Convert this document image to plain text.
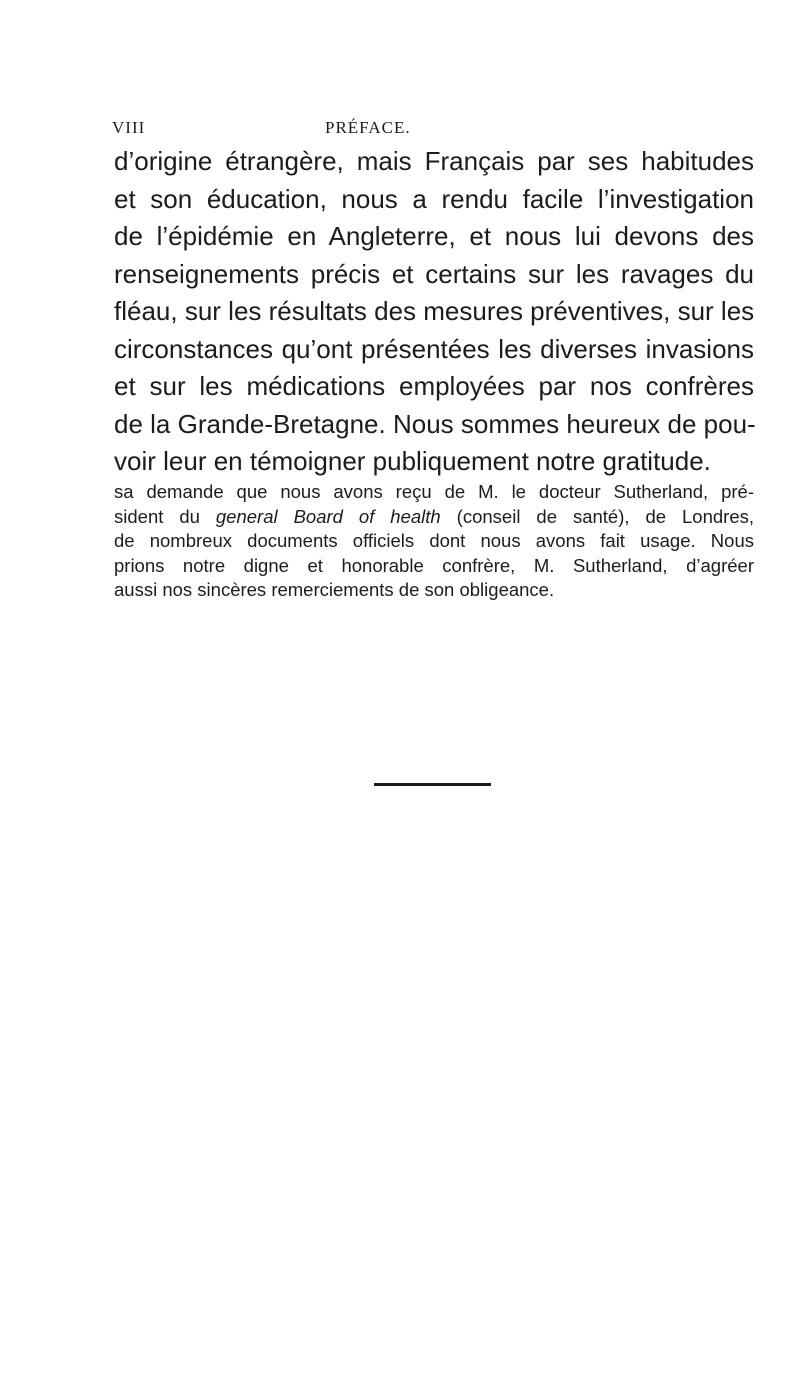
VIII	PRÉFACE.
d’origine étrangère, mais Français par ses habitudes
et son éducation, nous a rendu facile l’investigation
de l’épidémie en Angleterre, et nous lui devons des
renseignements précis et certains sur les ravages du
fléau, sur les résultats des mesures préventives, sur les
circonstances qu’ont présentées les diverses invasions
et sur les médications employées par nos confrères
de la Grande-Bretagne. Nous sommes heureux de pou-
voir leur en témoigner publiquement notre gratitude.
sa demande que nous avons reçu de M. le docteur Sutherland, pré-
sident du general Board of health (conseil de santé), de Londres,
de nombreux documents officiels dont nous avons fait usage. Nous
prions notre digne et honorable confrère, M. Sutherland, d’agréer
aussi nos sincères remerciements de son obligeance.
